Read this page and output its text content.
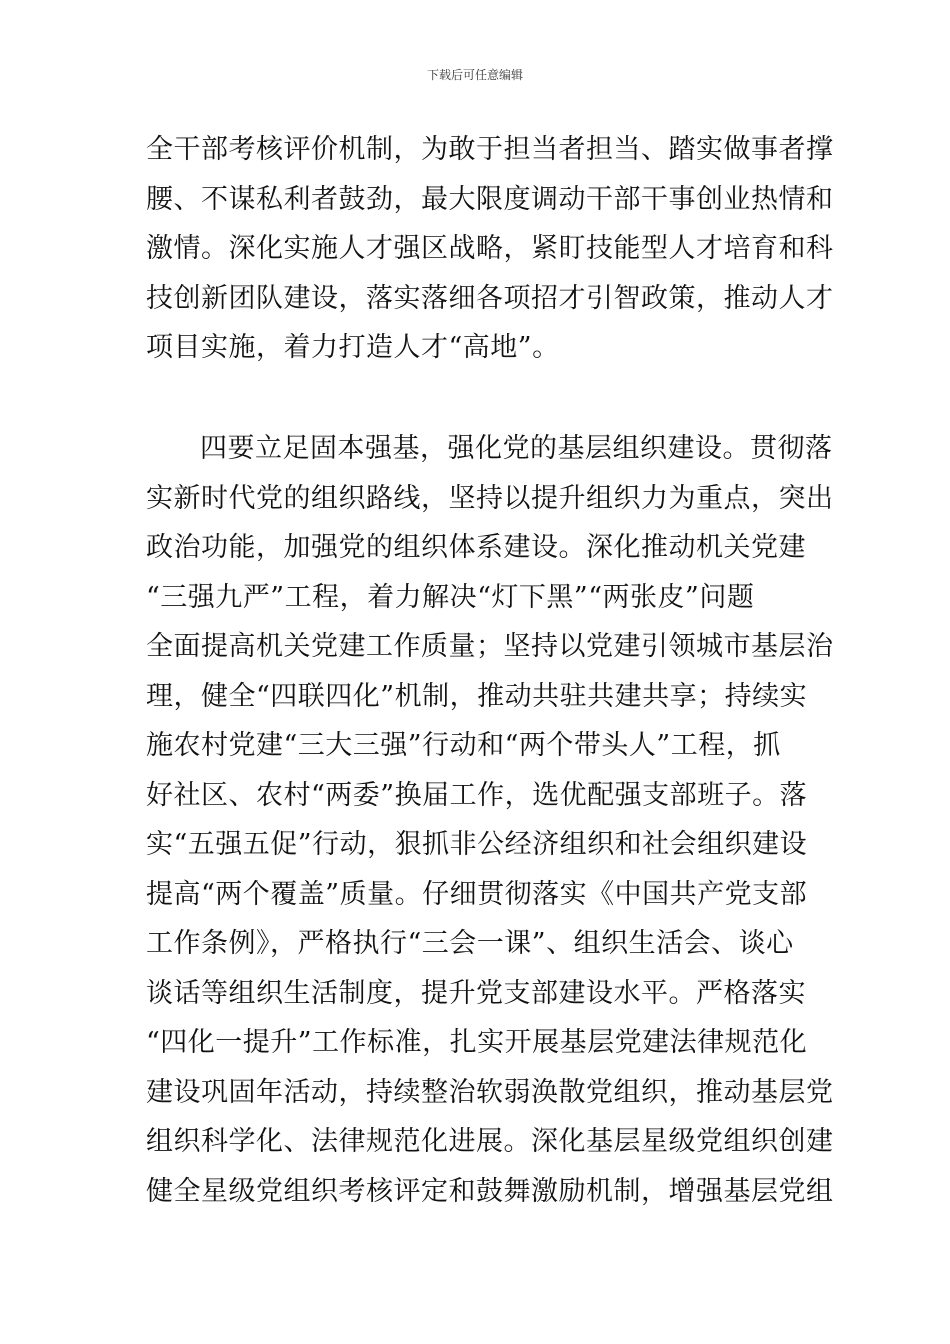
下载后可任意编辑
全干部考核评价机制，为敢于担当者担当、踏实做事者撑
腰、不谋私利者鼓劲，最大限度调动干部干事创业热情和
激情。深化实施人才强区战略，紧盯技能型人才培育和科
技创新团队建设，落实落细各项招才引智政策，推动人才
项目实施，着力打造人才“高地”。
四要立足固本强基，强化党的基层组织建设。贯彻落
实新时代党的组织路线，坚持以提升组织力为重点，突出
政治功能，加强党的组织体系建设。深化推动机关党建
“三强九严”工程，着力解决“灯下黑”“两张皮”问题
全面提高机关党建工作质量；坚持以党建引领城市基层治
理，健全“四联四化”机制，推动共驻共建共享；持续实
施农村党建“三大三强”行动和“两个带头人”工程，抓
好社区、农村“两委”换届工作，选优配强支部班子。落
实“五强五促”行动，狠抓非公经济组织和社会组织建设
提高“两个覆盖”质量。仔细贯彻落实《中国共产党支部
工作条例》，严格执行“三会一课”、组织生活会、谈心
谈话等组织生活制度，提升党支部建设水平。严格落实
“四化一提升”工作标准，扎实开展基层党建法律规范化
建设巩固年活动，持续整治软弱涣散党组织，推动基层党
组织科学化、法律规范化进展。深化基层星级党组织创建
健全星级党组织考核评定和鼓舞激励机制，增强基层党组
